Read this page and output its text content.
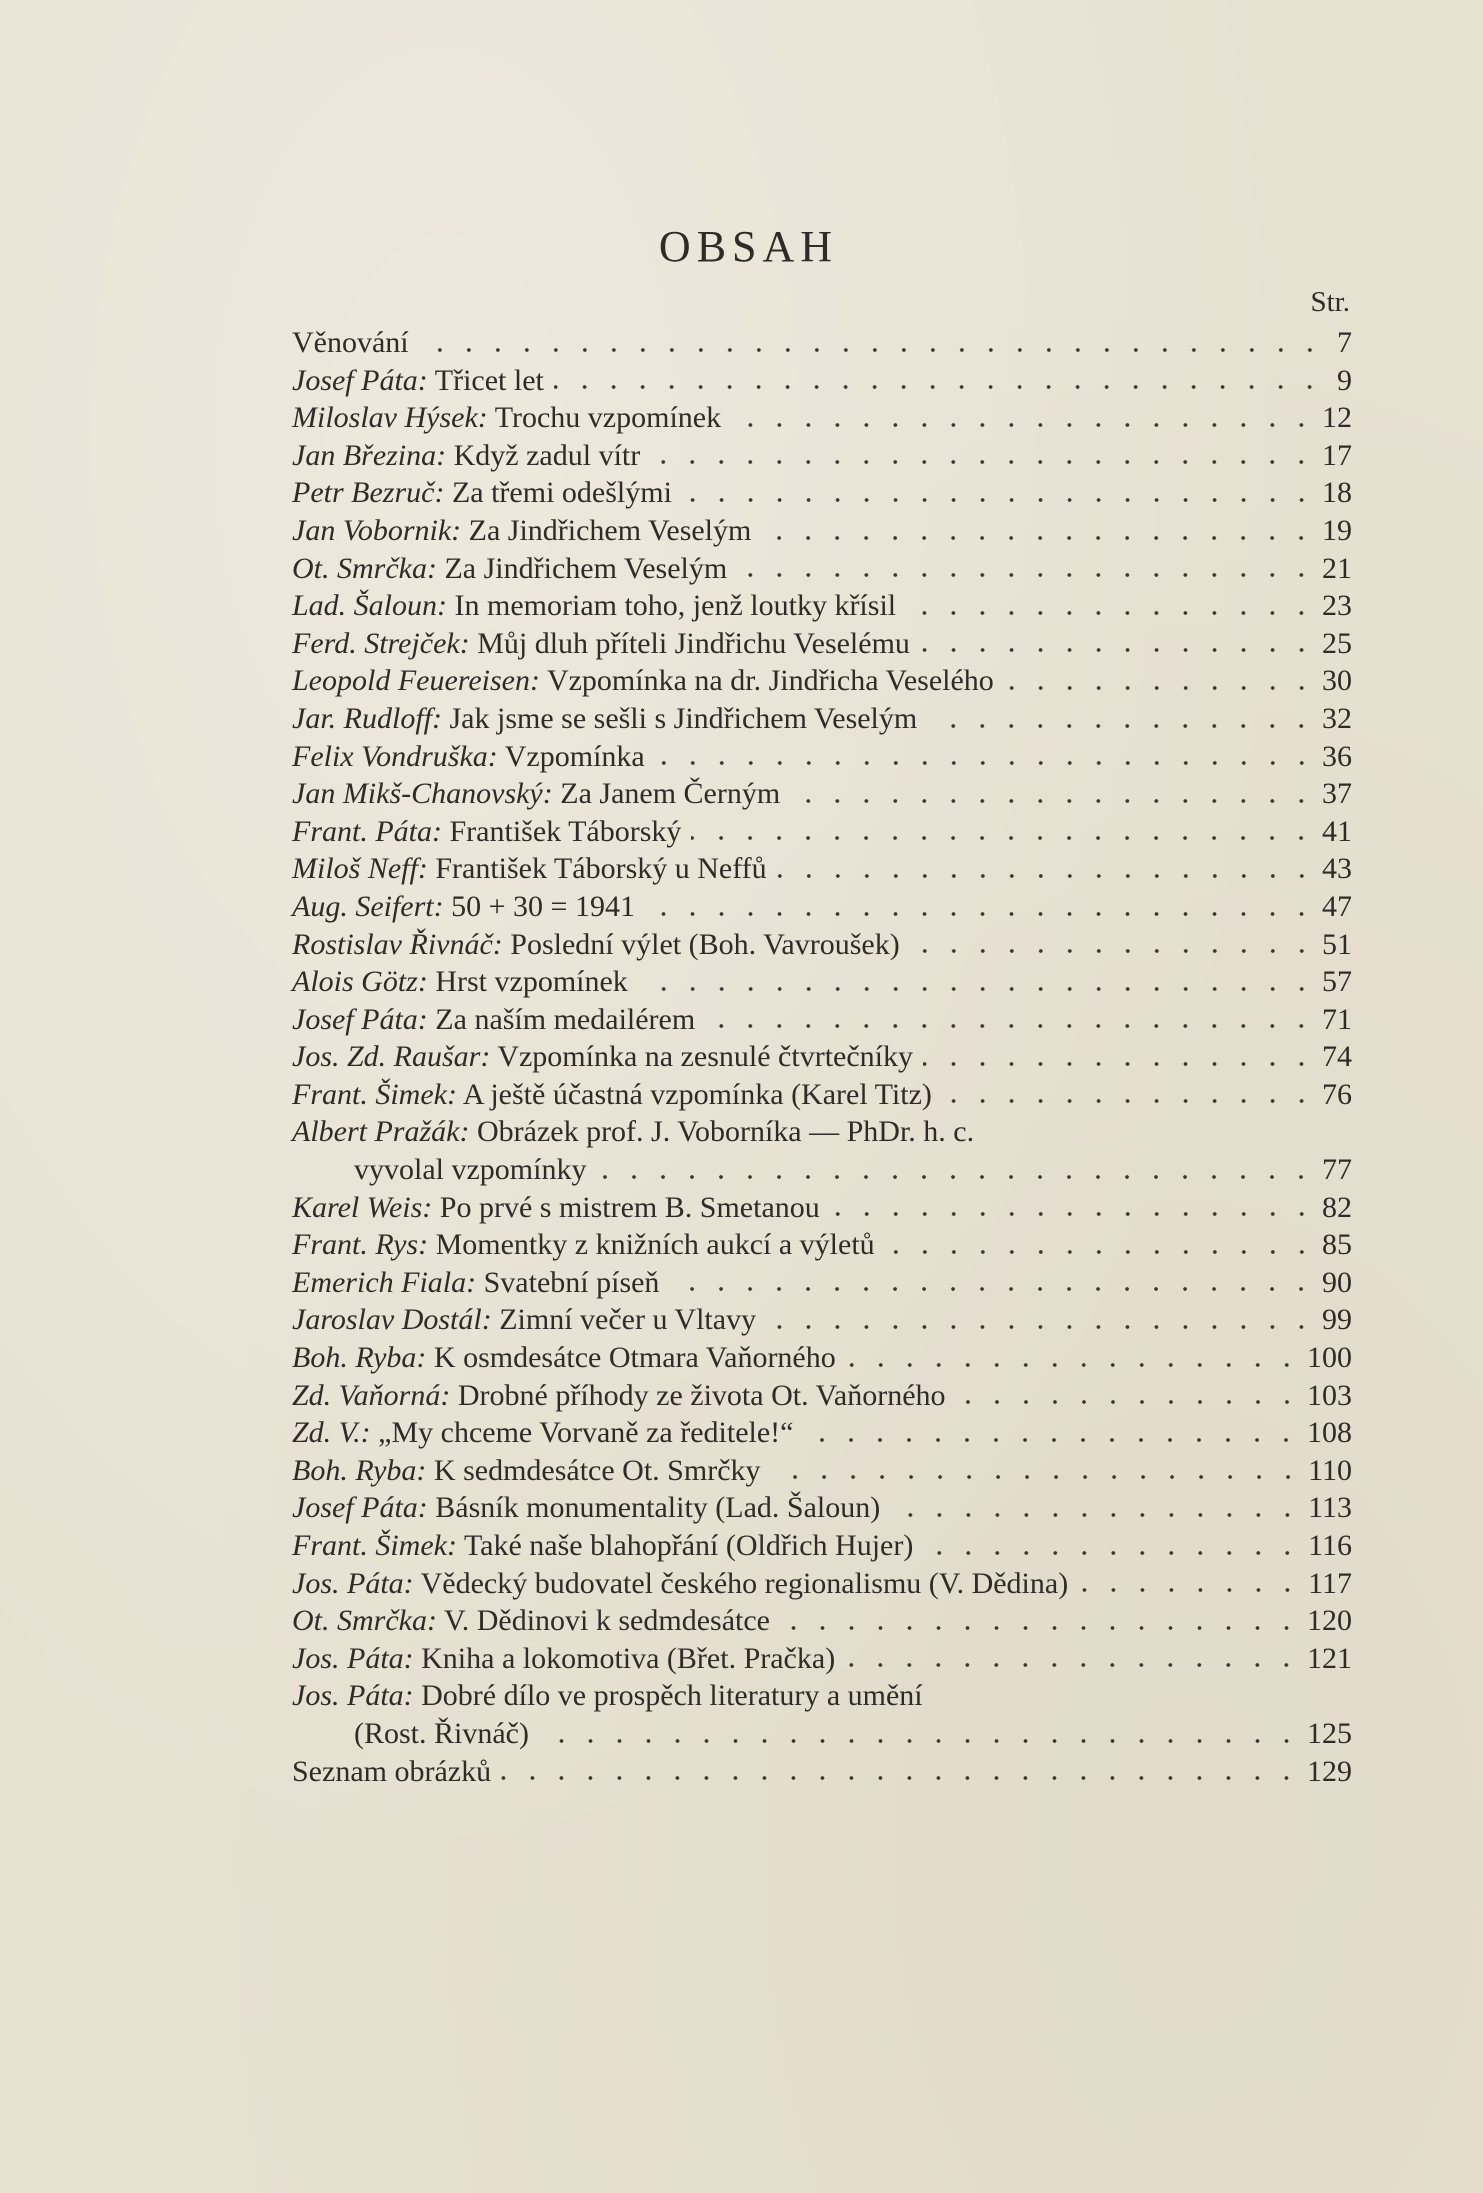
OBSAH
Str.
Věnování	7
Josef Páta: Třicet let	9
Miloslav Hýsek: Trochu vzpomínek	12
Jan Březina: Když zadul vítr	17
Petr Bezruč: Za třemi odešlými	18
Jan Vobornik: Za Jindřichem Veselým	19
Ot. Smrčka: Za Jindřichem Veselým	21
Lad. Šaloun: In memoriam toho, jenž loutky křísil	23
Ferd. Strejček: Můj dluh příteli Jindřichu Veselému	25
Leopold Feuereisen: Vzpomínka na dr. Jindřicha Veselého	30
Jar. Rudloff: Jak jsme se sešli s Jindřichem Veselým	32
Felix Vondruška: Vzpomínka	36
Jan Mikš-Chanovský: Za Janem Černým	37
Frant. Páta: František Táborský	41
Miloš Neff: František Táborský u Neffů	43
Aug. Seifert: 50 + 30 = 1941	47
Rostislav Řivnáč: Poslední výlet (Boh. Vavroušek)	51
Alois Götz: Hrst vzpomínek	57
Josef Páta: Za naším medailérem	71
Jos. Zd. Raušar: Vzpomínka na zesnulé čtvrtečníky	74
Frant. Šimek: A ještě účastná vzpomínka (Karel Titz)	76
Albert Pražák: Obrázek prof. J. Voborníka — PhDr. h. c.
vyvolal vzpomínky	77
Karel Weis: Po prvé s mistrem B. Smetanou	82
Frant. Rys: Momentky z knižních aukcí a výletů	85
Emerich Fiala: Svatební píseň	90
Jaroslav Dostál: Zimní večer u Vltavy	99
Boh. Ryba: K osmdesátce Otmara Vaňorného	100
Zd. Vaňorná: Drobné příhody ze života Ot. Vaňorného	103
Zd. V.: „My chceme Vorvaně za ředitele!“	108
Boh. Ryba: K sedmdesátce Ot. Smrčky	110
Josef Páta: Básník monumentality (Lad. Šaloun)	113
Frant. Šimek: Také naše blahopřání (Oldřich Hujer)	116
Jos. Páta: Vědecký budovatel českého regionalismu (V. Dědina)	117
Ot. Smrčka: V. Dědinovi k sedmdesátce	120
Jos. Páta: Kniha a lokomotiva (Břet. Pračka)	121
Jos. Páta: Dobré dílo ve prospěch literatury a umění
(Rost. Řivnáč)	125
Seznam obrázků	129
